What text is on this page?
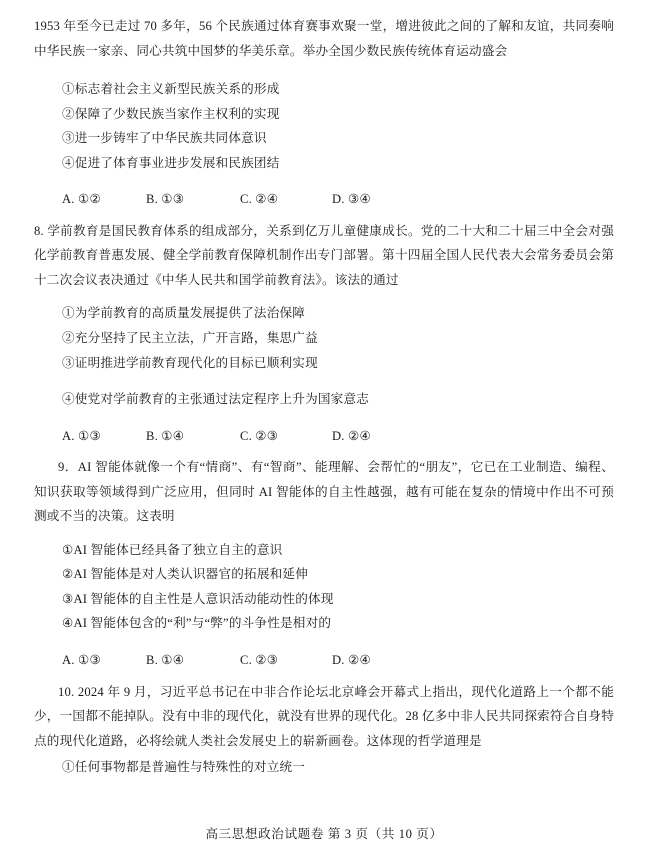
1953 年至今已走过 70 多年，56 个民族通过体育赛事欢聚一堂，增进彼此之间的了解和友谊，共同奏响中华民族一家亲、同心共筑中国梦的华美乐章。举办全国少数民族传统体育运动盛会

①标志着社会主义新型民族关系的形成

②保障了少数民族当家作主权利的实现

③进一步铸牢了中华民族共同体意识

④促进了体育事业进步发展和民族团结

A. ①②	B. ①③	C. ②④	D. ③④

8. 学前教育是国民教育体系的组成部分，关系到亿万儿童健康成长。党的二十大和二十届三中全会对强化学前教育普惠发展、健全学前教育保障机制作出专门部署。第十四届全国人民代表大会常务委员会第十二次会议表决通过《中华人民共和国学前教育法》。该法的通过

①为学前教育的高质量发展提供了法治保障

②充分坚持了民主立法，广开言路，集思广益

③证明推进学前教育现代化的目标已顺利实现

④使党对学前教育的主张通过法定程序上升为国家意志

A. ①③	B. ①④	C. ②③	D. ②④

9．AI 智能体就像一个有“情商”、有“智商”、能理解、会帮忙的“朋友”，它已在工业制造、编程、知识获取等领域得到广泛应用，但同时 AI 智能体的自主性越强，越有可能在复杂的情境中作出不可预测或不当的决策。这表明

①AI 智能体已经具备了独立自主的意识

②AI 智能体是对人类认识器官的拓展和延伸

③AI 智能体的自主性是人意识活动能动性的体现

④AI 智能体包含的“利”与“弊”的斗争性是相对的

A. ①③	B. ①④	C. ②③	D. ②④

10. 2024 年 9 月，习近平总书记在中非合作论坛北京峰会开幕式上指出，现代化道路上一个都不能少，一国都不能掉队。没有中非的现代化，就没有世界的现代化。28 亿多中非人民共同探索符合自身特点的现代化道路，必将绘就人类社会发展史上的崭新画卷。这体现的哲学道理是

①任何事物都是普遍性与特殊性的对立统一

高三思想政治试题卷 第 3 页（共 10 页）
